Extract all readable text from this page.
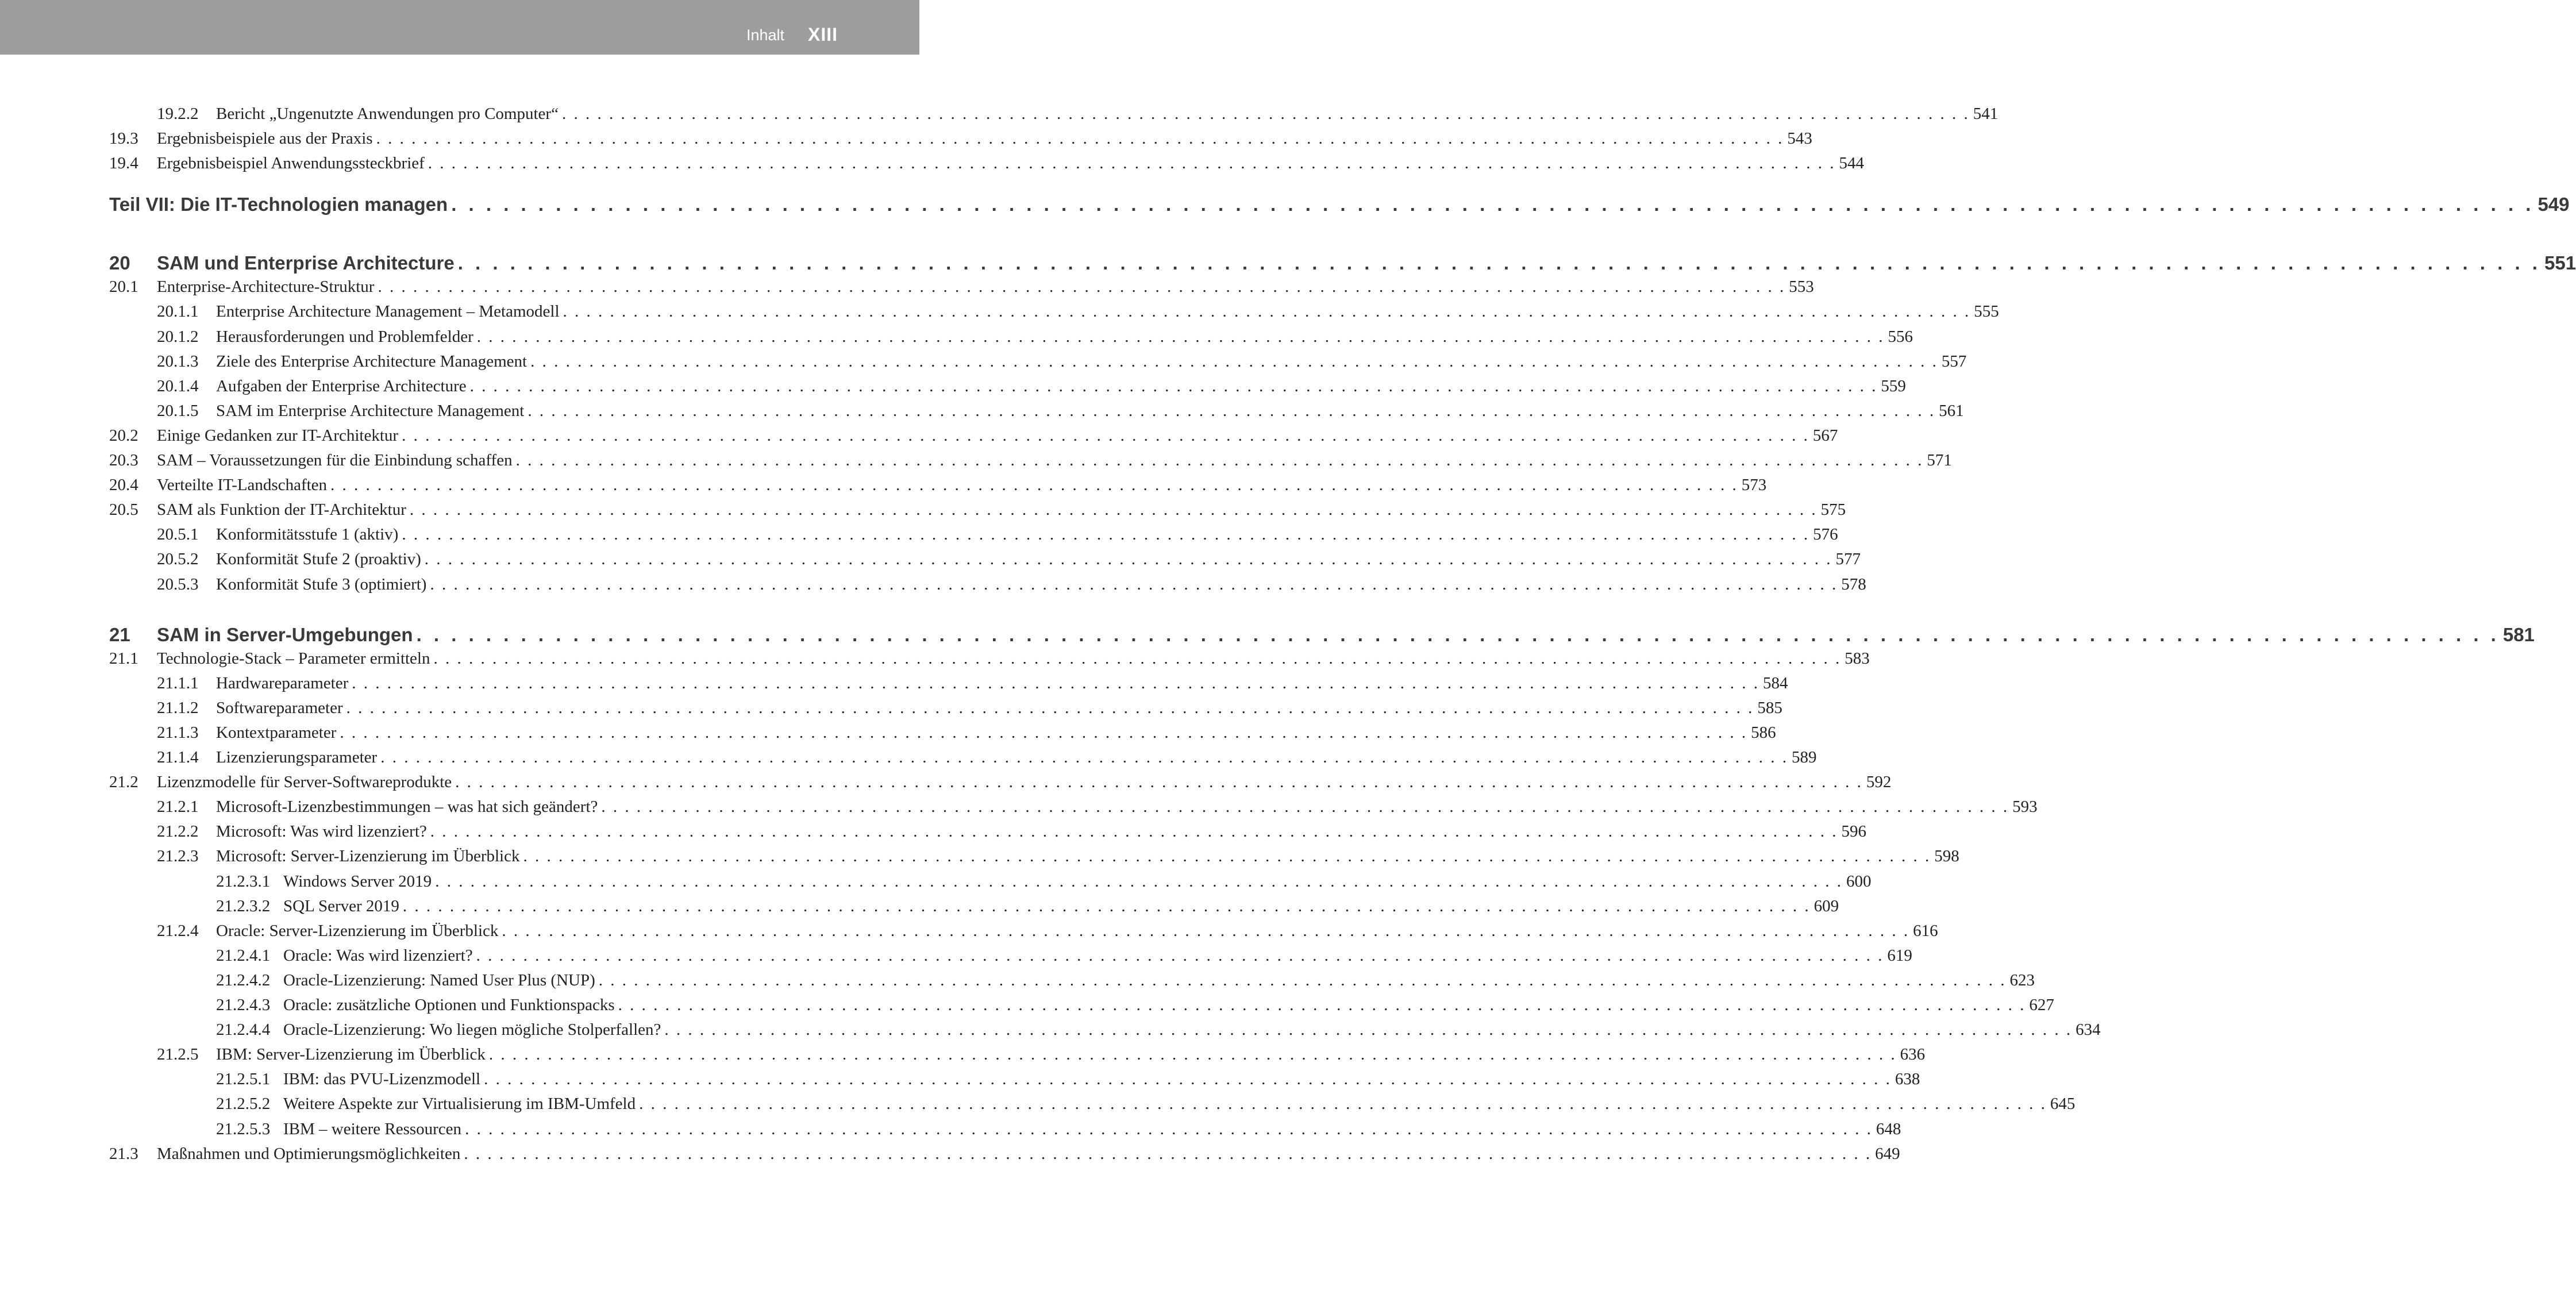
Inhalt XIII
19.2.2 Bericht „Ungenutzte Anwendungen pro Computer“ . . . . . . . . . . . . . . . . . . . . . . . . . . . . . . . . . . . . . . . . . . . . . . . . . . . . . . . . . . . . . . . . . . . . . . . . . . . . . . . . . . . . . . . . . . . . . . . . . . . . . . . . . . . . . . . . . . . . . . . . 541
19.3 Ergebnisbeispiele aus der Praxis . . . . . . . . . . . . . . . . . . . . . . . . . . . . . . . . . . . . . . . . . . . . . . . . . . . . . . . . . . . . . . . . . . . . . . . . . . . . . . . . . . . . . . . . . . . . . . . . . . . . . . . . . . . . . . . . . . . . . . . . 543
19.4 Ergebnisbeispiel Anwendungssteckbrief . . . . . . . . . . . . . . . . . . . . . . . . . . . . . . . . . . . . . . . . . . . . . . . . . . . . . . . . . . . . . . . . . . . . . . . . . . . . . . . . . . . . . . . . . . . . . . . . . . . . . . . . . . . . . . . . . . . . . . . . 544
Teil VII: Die IT-Technologien managen . . . . . . . . . . . . . . . . . . . . . . . . . . . . . . . . . . . . . . . . . . . . . . . . . . . . . . . . . . . . . . . . . . . . . . . . . . . . . . . . . . . . . . . . . . . . . . . . . . . . . . . . . . . . . . . . . . . . . . . . 549
20 SAM und Enterprise Architecture . . . . . . . . . . . . . . . . . . . . . . . . . . . . . . . . . . . . . . . . . . . . . . . . . . . . . . . . . . . . . . . . . . . . . . . . . . . . . . . . . . . . . . . . . . . . . . . . . . . . . . . . . . . . . . . . . . . . . . . . 551
20.1 Enterprise-Architecture-Struktur . . . . . . . . . . . . . . . . . . . . . . . . . . . . . . . . . . . . . . . . . . . . . . . . . . . . . . . . . . . . . . . . . . . . . . . . . . . . . . . . . . . . . . . . . . . . . . . . . . . . . . . . . . . . . . . . . . . . . . . . 553
20.1.1 Enterprise Architecture Management – Metamodell . . . . . . . . . . . . . . . . . . . . . . . . . . . . . . . . . . . . . . . . . . . . . . . . . . . . . . . . . . . . . . . . . . . . . . . . . . . . . . . . . . . . . . . . . . . . . . . . . . . . . . . . . . . . . . . . . . . . . . . . 555
20.1.2 Herausforderungen und Problemfelder . . . . . . . . . . . . . . . . . . . . . . . . . . . . . . . . . . . . . . . . . . . . . . . . . . . . . . . . . . . . . . . . . . . . . . . . . . . . . . . . . . . . . . . . . . . . . . . . . . . . . . . . . . . . . . . . . . . . . . . . 556
20.1.3 Ziele des Enterprise Architecture Management . . . . . . . . . . . . . . . . . . . . . . . . . . . . . . . . . . . . . . . . . . . . . . . . . . . . . . . . . . . . . . . . . . . . . . . . . . . . . . . . . . . . . . . . . . . . . . . . . . . . . . . . . . . . . . . . . . . . . . . . 557
20.1.4 Aufgaben der Enterprise Architecture . . . . . . . . . . . . . . . . . . . . . . . . . . . . . . . . . . . . . . . . . . . . . . . . . . . . . . . . . . . . . . . . . . . . . . . . . . . . . . . . . . . . . . . . . . . . . . . . . . . . . . . . . . . . . . . . . . . . . . . . 559
20.1.5 SAM im Enterprise Architecture Management . . . . . . . . . . . . . . . . . . . . . . . . . . . . . . . . . . . . . . . . . . . . . . . . . . . . . . . . . . . . . . . . . . . . . . . . . . . . . . . . . . . . . . . . . . . . . . . . . . . . . . . . . . . . . . . . . . . . . . . . 561
20.2 Einige Gedanken zur IT-Architektur . . . . . . . . . . . . . . . . . . . . . . . . . . . . . . . . . . . . . . . . . . . . . . . . . . . . . . . . . . . . . . . . . . . . . . . . . . . . . . . . . . . . . . . . . . . . . . . . . . . . . . . . . . . . . . . . . . . . . . . . 567
20.3 SAM – Voraussetzungen für die Einbindung schaffen . . . . . . . . . . . . . . . . . . . . . . . . . . . . . . . . . . . . . . . . . . . . . . . . . . . . . . . . . . . . . . . . . . . . . . . . . . . . . . . . . . . . . . . . . . . . . . . . . . . . . . . . . . . . . . . . . . . . . . . . 571
20.4 Verteilte IT-Landschaften . . . . . . . . . . . . . . . . . . . . . . . . . . . . . . . . . . . . . . . . . . . . . . . . . . . . . . . . . . . . . . . . . . . . . . . . . . . . . . . . . . . . . . . . . . . . . . . . . . . . . . . . . . . . . . . . . . . . . . . . 573
20.5 SAM als Funktion der IT-Architektur . . . . . . . . . . . . . . . . . . . . . . . . . . . . . . . . . . . . . . . . . . . . . . . . . . . . . . . . . . . . . . . . . . . . . . . . . . . . . . . . . . . . . . . . . . . . . . . . . . . . . . . . . . . . . . . . . . . . . . . . 575
20.5.1 Konformitätsstufe 1 (aktiv) . . . . . . . . . . . . . . . . . . . . . . . . . . . . . . . . . . . . . . . . . . . . . . . . . . . . . . . . . . . . . . . . . . . . . . . . . . . . . . . . . . . . . . . . . . . . . . . . . . . . . . . . . . . . . . . . . . . . . . . . 576
20.5.2 Konformität Stufe 2 (proaktiv) . . . . . . . . . . . . . . . . . . . . . . . . . . . . . . . . . . . . . . . . . . . . . . . . . . . . . . . . . . . . . . . . . . . . . . . . . . . . . . . . . . . . . . . . . . . . . . . . . . . . . . . . . . . . . . . . . . . . . . . . 577
20.5.3 Konformität Stufe 3 (optimiert) . . . . . . . . . . . . . . . . . . . . . . . . . . . . . . . . . . . . . . . . . . . . . . . . . . . . . . . . . . . . . . . . . . . . . . . . . . . . . . . . . . . . . . . . . . . . . . . . . . . . . . . . . . . . . . . . . . . . . . . . 578
21 SAM in Server-Umgebungen . . . . . . . . . . . . . . . . . . . . . . . . . . . . . . . . . . . . . . . . . . . . . . . . . . . . . . . . . . . . . . . . . . . . . . . . . . . . . . . . . . . . . . . . . . . . . . . . . . . . . . . . . . . . . . . . . . . . . . . . 581
21.1 Technologie-Stack – Parameter ermitteln . . . . . . . . . . . . . . . . . . . . . . . . . . . . . . . . . . . . . . . . . . . . . . . . . . . . . . . . . . . . . . . . . . . . . . . . . . . . . . . . . . . . . . . . . . . . . . . . . . . . . . . . . . . . . . . . . . . . . . . . 583
21.1.1 Hardwareparameter . . . . . . . . . . . . . . . . . . . . . . . . . . . . . . . . . . . . . . . . . . . . . . . . . . . . . . . . . . . . . . . . . . . . . . . . . . . . . . . . . . . . . . . . . . . . . . . . . . . . . . . . . . . . . . . . . . . . . . . . 584
21.1.2 Softwareparameter . . . . . . . . . . . . . . . . . . . . . . . . . . . . . . . . . . . . . . . . . . . . . . . . . . . . . . . . . . . . . . . . . . . . . . . . . . . . . . . . . . . . . . . . . . . . . . . . . . . . . . . . . . . . . . . . . . . . . . . . 585
21.1.3 Kontextparameter . . . . . . . . . . . . . . . . . . . . . . . . . . . . . . . . . . . . . . . . . . . . . . . . . . . . . . . . . . . . . . . . . . . . . . . . . . . . . . . . . . . . . . . . . . . . . . . . . . . . . . . . . . . . . . . . . . . . . . . . 586
21.1.4 Lizenzierungsparameter . . . . . . . . . . . . . . . . . . . . . . . . . . . . . . . . . . . . . . . . . . . . . . . . . . . . . . . . . . . . . . . . . . . . . . . . . . . . . . . . . . . . . . . . . . . . . . . . . . . . . . . . . . . . . . . . . . . . . . . . 589
21.2 Lizenzmodelle für Server-Softwareprodukte . . . . . . . . . . . . . . . . . . . . . . . . . . . . . . . . . . . . . . . . . . . . . . . . . . . . . . . . . . . . . . . . . . . . . . . . . . . . . . . . . . . . . . . . . . . . . . . . . . . . . . . . . . . . . . . . . . . . . . . . 592
21.2.1 Microsoft-Lizenzbestimmungen – was hat sich geändert? . . . . . . . . . . . . . . . . . . . . . . . . . . . . . . . . . . . . . . . . . . . . . . . . . . . . . . . . . . . . . . . . . . . . . . . . . . . . . . . . . . . . . . . . . . . . . . . . . . . . . . . . . . . . . . . . . . . . . . . . 593
21.2.2 Microsoft: Was wird lizenziert? . . . . . . . . . . . . . . . . . . . . . . . . . . . . . . . . . . . . . . . . . . . . . . . . . . . . . . . . . . . . . . . . . . . . . . . . . . . . . . . . . . . . . . . . . . . . . . . . . . . . . . . . . . . . . . . . . . . . . . . . 596
21.2.3 Microsoft: Server-Lizenzierung im Überblick . . . . . . . . . . . . . . . . . . . . . . . . . . . . . . . . . . . . . . . . . . . . . . . . . . . . . . . . . . . . . . . . . . . . . . . . . . . . . . . . . . . . . . . . . . . . . . . . . . . . . . . . . . . . . . . . . . . . . . . . 598
21.2.3.1 Windows Server 2019 . . . . . . . . . . . . . . . . . . . . . . . . . . . . . . . . . . . . . . . . . . . . . . . . . . . . . . . . . . . . . . . . . . . . . . . . . . . . . . . . . . . . . . . . . . . . . . . . . . . . . . . . . . . . . . . . . . . . . . . . 600
21.2.3.2 SQL Server 2019 . . . . . . . . . . . . . . . . . . . . . . . . . . . . . . . . . . . . . . . . . . . . . . . . . . . . . . . . . . . . . . . . . . . . . . . . . . . . . . . . . . . . . . . . . . . . . . . . . . . . . . . . . . . . . . . . . . . . . . . . 609
21.2.4 Oracle: Server-Lizenzierung im Überblick . . . . . . . . . . . . . . . . . . . . . . . . . . . . . . . . . . . . . . . . . . . . . . . . . . . . . . . . . . . . . . . . . . . . . . . . . . . . . . . . . . . . . . . . . . . . . . . . . . . . . . . . . . . . . . . . . . . . . . . . 616
21.2.4.1 Oracle: Was wird lizenziert? . . . . . . . . . . . . . . . . . . . . . . . . . . . . . . . . . . . . . . . . . . . . . . . . . . . . . . . . . . . . . . . . . . . . . . . . . . . . . . . . . . . . . . . . . . . . . . . . . . . . . . . . . . . . . . . . . . . . . . . . 619
21.2.4.2 Oracle-Lizenzierung: Named User Plus (NUP) . . . . . . . . . . . . . . . . . . . . . . . . . . . . . . . . . . . . . . . . . . . . . . . . . . . . . . . . . . . . . . . . . . . . . . . . . . . . . . . . . . . . . . . . . . . . . . . . . . . . . . . . . . . . . . . . . . . . . . . . 623
21.2.4.3 Oracle: zusätzliche Optionen und Funktionspacks . . . . . . . . . . . . . . . . . . . . . . . . . . . . . . . . . . . . . . . . . . . . . . . . . . . . . . . . . . . . . . . . . . . . . . . . . . . . . . . . . . . . . . . . . . . . . . . . . . . . . . . . . . . . . . . . . . . . . . . . 627
21.2.4.4 Oracle-Lizenzierung: Wo liegen mögliche Stolperfallen? . . . . . . . . . . . . . . . . . . . . . . . . . . . . . . . . . . . . . . . . . . . . . . . . . . . . . . . . . . . . . . . . . . . . . . . . . . . . . . . . . . . . . . . . . . . . . . . . . . . . . . . . . . . . . . . . . . . . . . . . 634
21.2.5 IBM: Server-Lizenzierung im Überblick . . . . . . . . . . . . . . . . . . . . . . . . . . . . . . . . . . . . . . . . . . . . . . . . . . . . . . . . . . . . . . . . . . . . . . . . . . . . . . . . . . . . . . . . . . . . . . . . . . . . . . . . . . . . . . . . . . . . . . . . 636
21.2.5.1 IBM: das PVU-Lizenzmodell . . . . . . . . . . . . . . . . . . . . . . . . . . . . . . . . . . . . . . . . . . . . . . . . . . . . . . . . . . . . . . . . . . . . . . . . . . . . . . . . . . . . . . . . . . . . . . . . . . . . . . . . . . . . . . . . . . . . . . . . 638
21.2.5.2 Weitere Aspekte zur Virtualisierung im IBM-Umfeld . . . . . . . . . . . . . . . . . . . . . . . . . . . . . . . . . . . . . . . . . . . . . . . . . . . . . . . . . . . . . . . . . . . . . . . . . . . . . . . . . . . . . . . . . . . . . . . . . . . . . . . . . . . . . . . . . . . . . . . . 645
21.2.5.3 IBM – weitere Ressourcen . . . . . . . . . . . . . . . . . . . . . . . . . . . . . . . . . . . . . . . . . . . . . . . . . . . . . . . . . . . . . . . . . . . . . . . . . . . . . . . . . . . . . . . . . . . . . . . . . . . . . . . . . . . . . . . . . . . . . . . . 648
21.3 Maßnahmen und Optimierungsmöglichkeiten . . . . . . . . . . . . . . . . . . . . . . . . . . . . . . . . . . . . . . . . . . . . . . . . . . . . . . . . . . . . . . . . . . . . . . . . . . . . . . . . . . . . . . . . . . . . . . . . . . . . . . . . . . . . . . . . . . . . . . . . 649
